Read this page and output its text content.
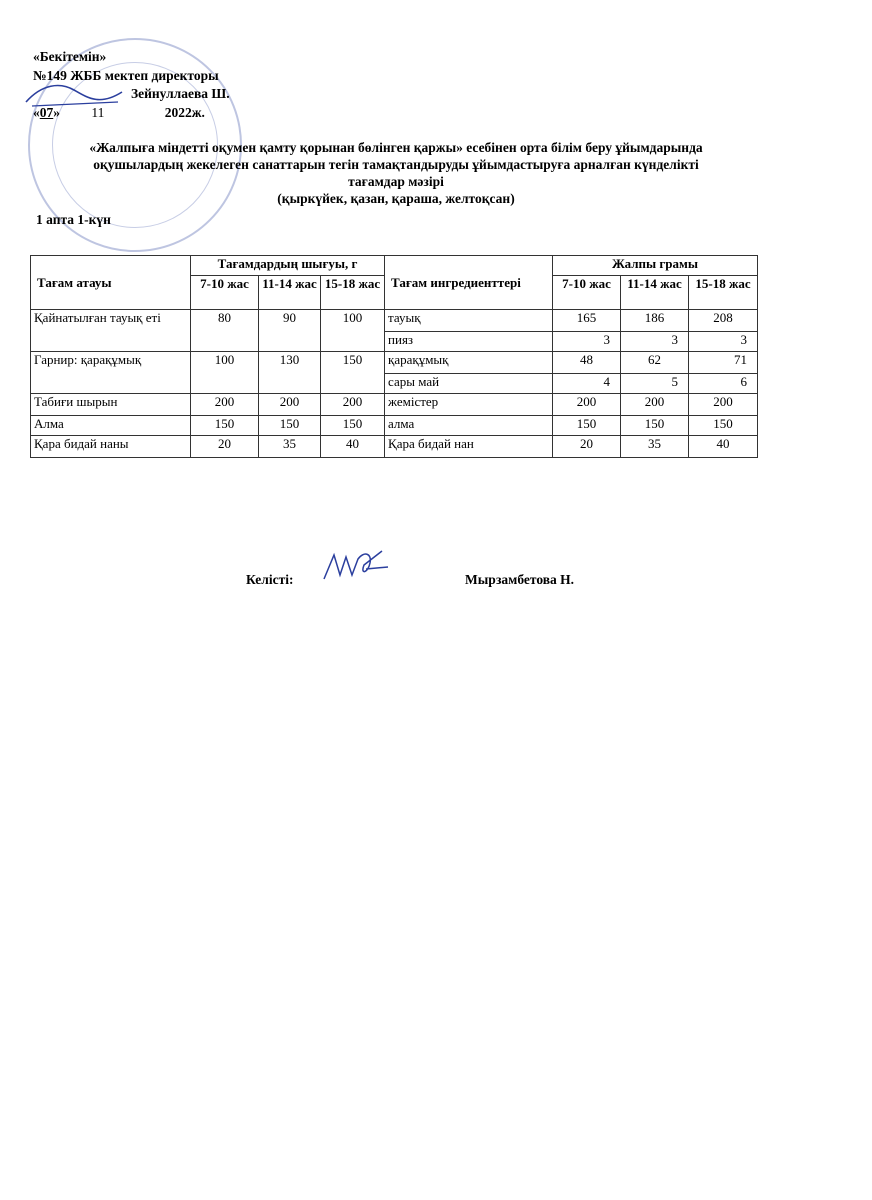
«Бекітемін»
№149 ЖББ мектеп директоры
Зейнуллаева Ш.
«07» 11	2022ж.
«Жалпыға міндетті оқумен қамту қорынан бөлінген қаржы» есебінен орта білім беру ұйымдарында
оқушылардың жекелеген санаттарын тегін тамақтандыруды ұйымдастыруға арналған күнделікті
тағамдар мәзірі
(қыркүйек, қазан, қараша, желтоқсан)
1 апта 1-күн
Тағам атауы	Тағамдардың шығуы, г			Тағам ингредиенттері	Жалпы грамы		
	7-10 жас	11-14 жас	15-18 жас		7-10 жас	11-14 жас	15-18 жас
Қайнатылған тауық еті	80	90	100	тауық	165	186	208
				пияз	3	3	3
Гарнир: қарақұмық	100	130	150	қарақұмық	48	62	71
				сары май	4	5	6
Табиғи шырын	200	200	200	жемістер	200	200	200
Алма	150	150	150	алма	150	150	150
Қара бидай наны	20	35	40	Қара бидай нан	20	35	40
Келісті:	Мырзамбетова Н.
